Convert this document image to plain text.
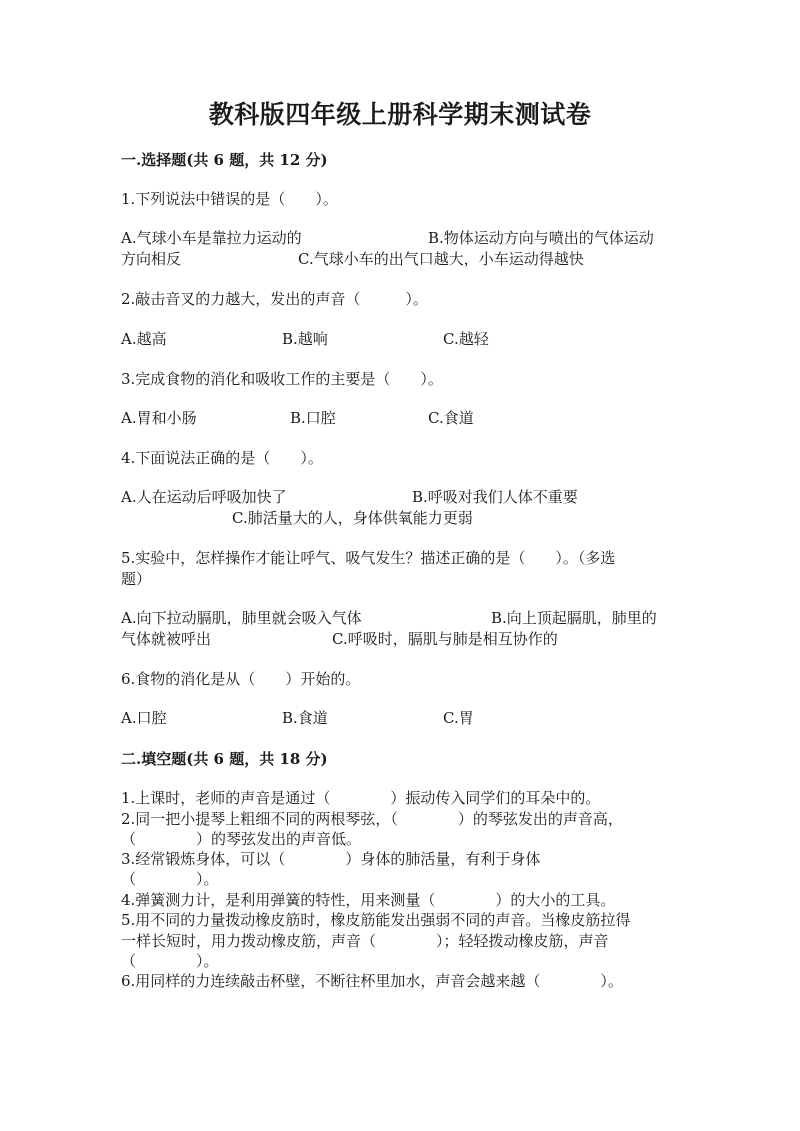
教科版四年级上册科学期末测试卷
一.选择题(共 6 题，共 12 分)
1.下列说法中错误的是（　　）。
A.气球小车是靠拉力运动的	B.物体运动方向与喷出的气体运动
方向相反	C.气球小车的出气口越大，小车运动得越快
2.敲击音叉的力越大，发出的声音（　　　）。
A.越高	B.越响	C.越轻
3.完成食物的消化和吸收工作的主要是（　　）。
A.胃和小肠	B.口腔	C.食道
4.下面说法正确的是（　　）。
A.人在运动后呼吸加快了	B.呼吸对我们人体不重要
C.肺活量大的人，身体供氧能力更弱
5.实验中，怎样操作才能让呼气、吸气发生？描述正确的是（　　）。（多选
题）
A.向下拉动膈肌，肺里就会吸入气体	B.向上顶起膈肌，肺里的
气体就被呼出	C.呼吸时，膈肌与肺是相互协作的
6.食物的消化是从（　　）开始的。
A.口腔	B.食道	C.胃
二.填空题(共 6 题，共 18 分)
1.上课时，老师的声音是通过（　　　　）振动传入同学们的耳朵中的。
2.同一把小提琴上粗细不同的两根琴弦，（　　　　）的琴弦发出的声音高，
（　　　　）的琴弦发出的声音低。
3.经常锻炼身体，可以（　　　　）身体的肺活量，有利于身体
（　　　　）。
4.弹簧测力计，是利用弹簧的特性，用来测量（　　　　）的大小的工具。
5.用不同的力量拨动橡皮筋时，橡皮筋能发出强弱不同的声音。当橡皮筋拉得
一样长短时，用力拨动橡皮筋，声音（　　　　）；轻轻拨动橡皮筋，声音
（　　　　）。
6.用同样的力连续敲击杯壁，不断往杯里加水，声音会越来越（　　　　）。
